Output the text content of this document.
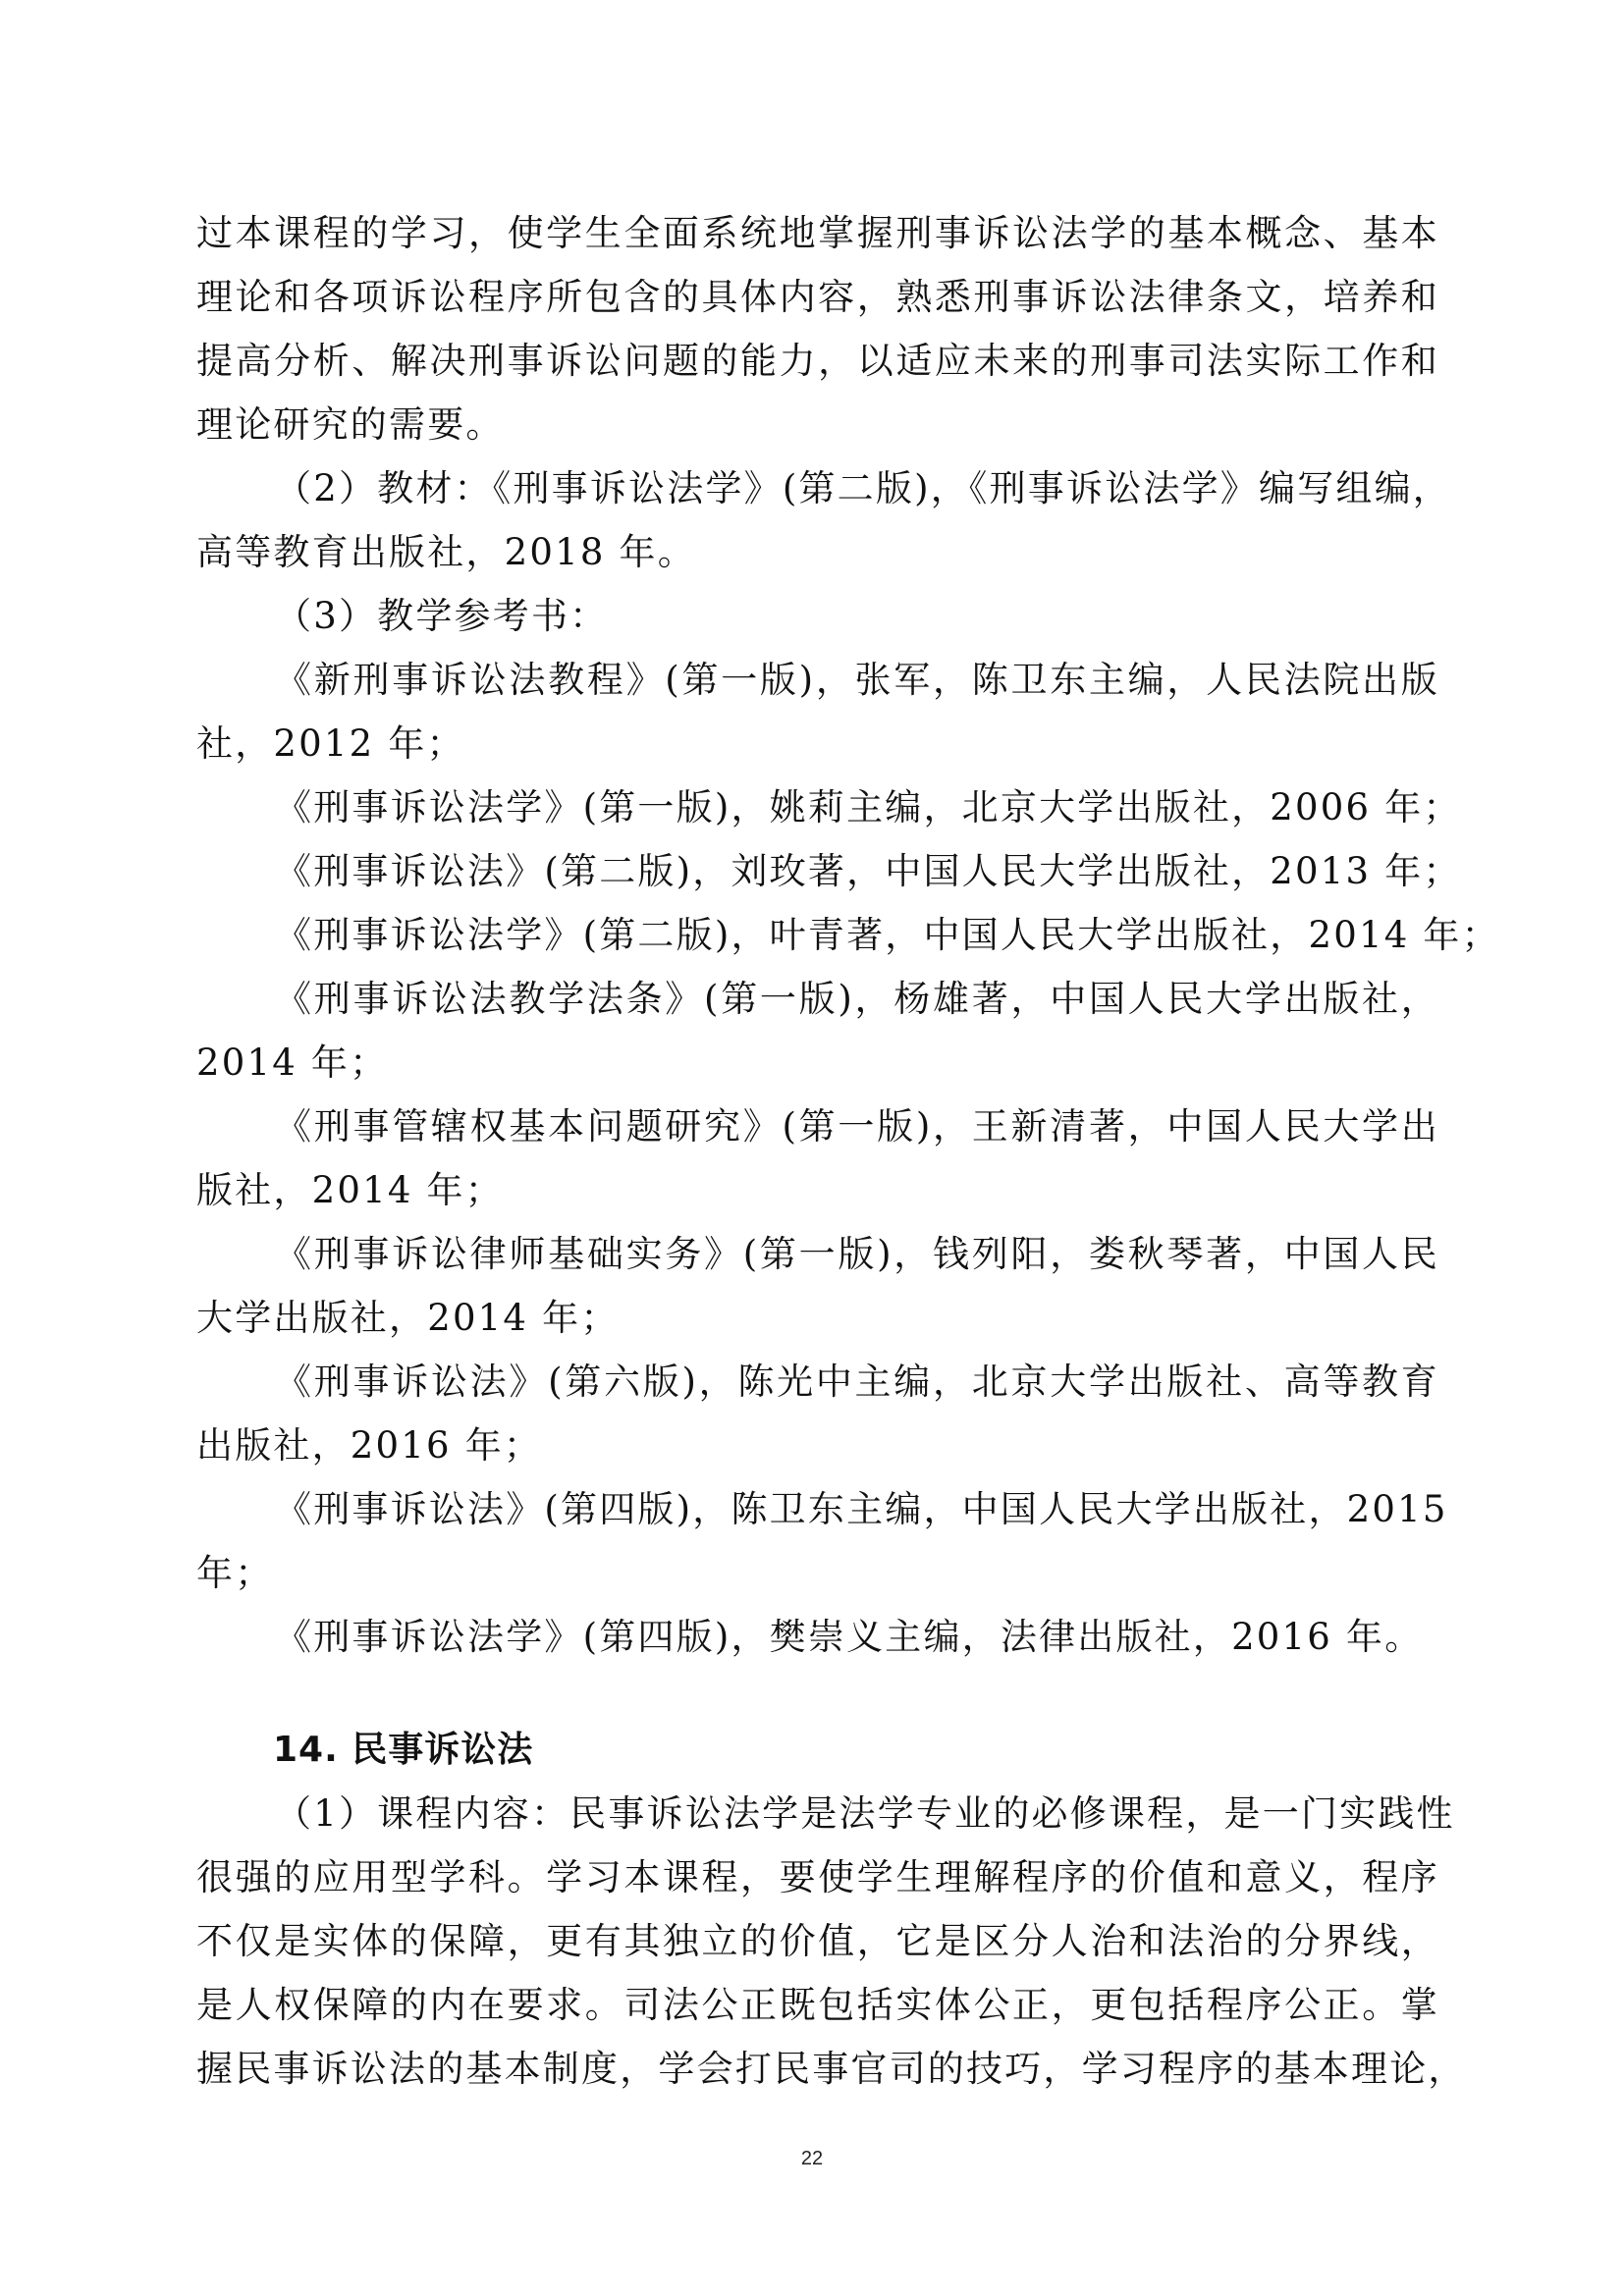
过本课程的学习，使学生全面系统地掌握刑事诉讼法学的基本概念、基本
理论和各项诉讼程序所包含的具体内容，熟悉刑事诉讼法律条文，培养和
提高分析、解决刑事诉讼问题的能力，以适应未来的刑事司法实际工作和
理论研究的需要。
（2）教材：《刑事诉讼法学》(第二版)，《刑事诉讼法学》编写组编，
高等教育出版社，2018 年。
（3）教学参考书：
《新刑事诉讼法教程》(第一版)，张军，陈卫东主编，人民法院出版
社，2012 年；
《刑事诉讼法学》(第一版)，姚莉主编，北京大学出版社，2006 年；
《刑事诉讼法》(第二版)，刘玫著，中国人民大学出版社，2013 年；
《刑事诉讼法学》(第二版)，叶青著，中国人民大学出版社，2014 年；
《刑事诉讼法教学法条》(第一版)，杨雄著，中国人民大学出版社，
2014 年；
《刑事管辖权基本问题研究》(第一版)，王新清著，中国人民大学出
版社，2014 年；
《刑事诉讼律师基础实务》(第一版)，钱列阳，娄秋琴著，中国人民
大学出版社，2014 年；
《刑事诉讼法》(第六版)，陈光中主编，北京大学出版社、高等教育
出版社，2016 年；
《刑事诉讼法》(第四版)，陈卫东主编，中国人民大学出版社，2015
年；
《刑事诉讼法学》(第四版)，樊崇义主编，法律出版社，2016 年。
14. 民事诉讼法
（1）课程内容：民事诉讼法学是法学专业的必修课程，是一门实践性
很强的应用型学科。学习本课程，要使学生理解程序的价值和意义，程序
不仅是实体的保障，更有其独立的价值，它是区分人治和法治的分界线，
是人权保障的内在要求。司法公正既包括实体公正，更包括程序公正。掌
握民事诉讼法的基本制度，学会打民事官司的技巧，学习程序的基本理论，
22
